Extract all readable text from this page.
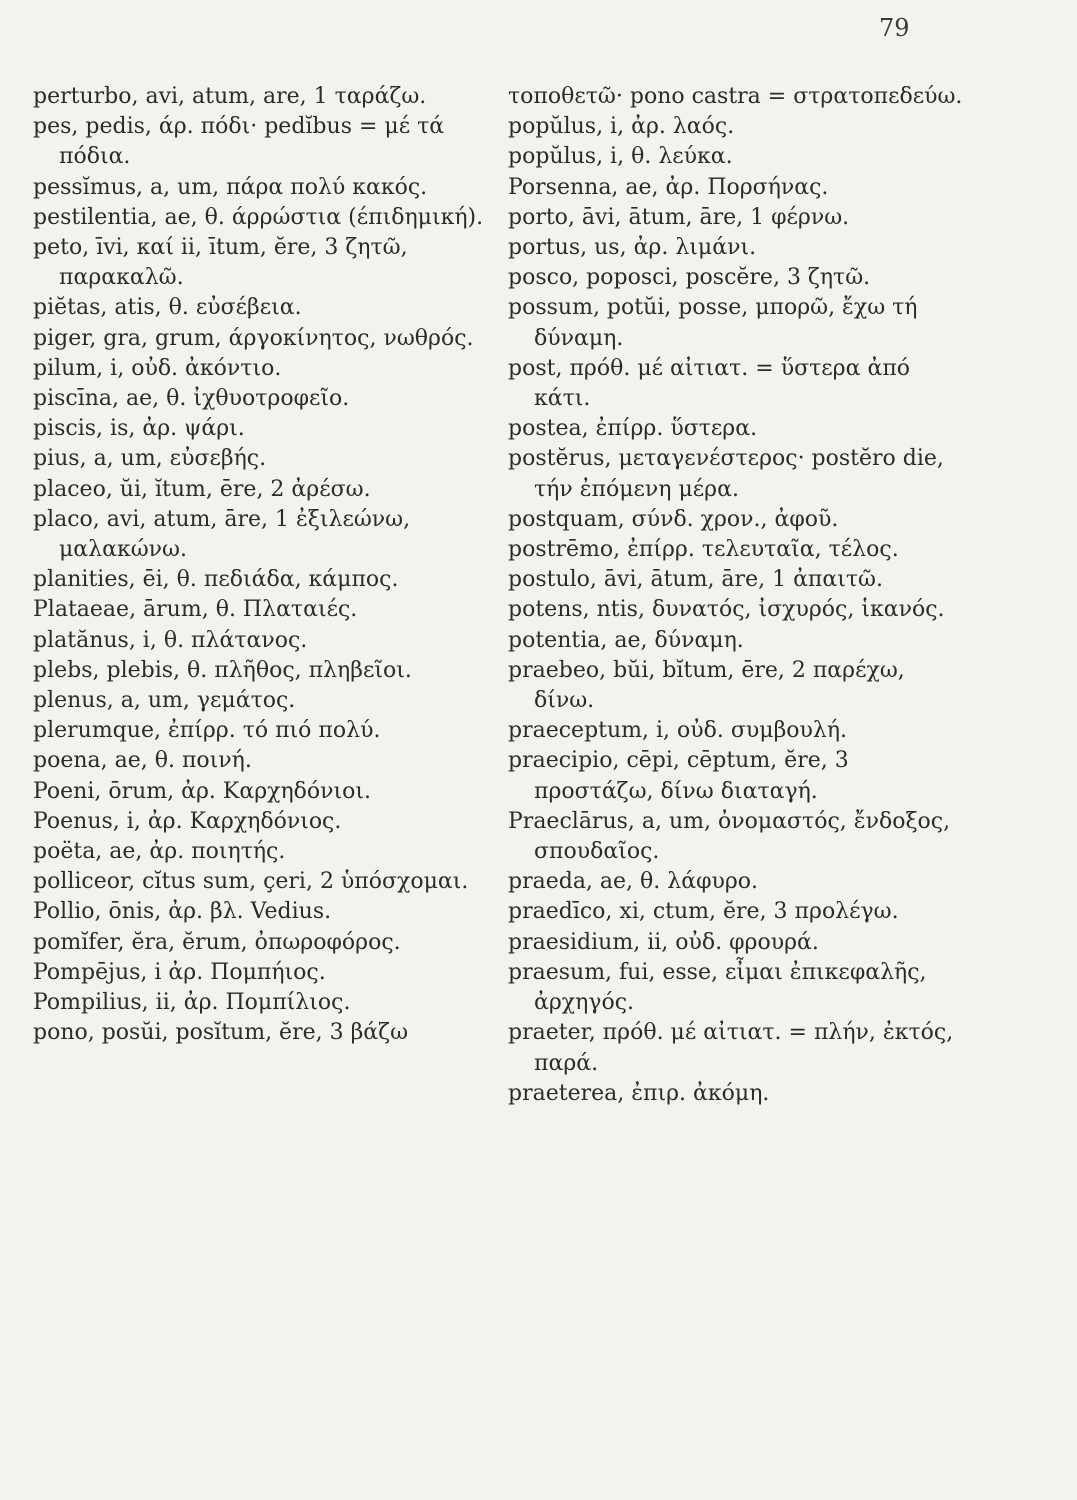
79
perturbo, avi, atum, are, 1 ταράζω.
pes, pedis, άρ. πόδι· pedĭbus = μέ τά πόδια.
pessĭmus, a, um, πάρα πολύ κακός.
pestilentia, ae, θ. άρρώστια (έπιδημική).
peto, īvi, καί ii, ītum, ĕre, 3 ζητῶ, παρακαλῶ.
piĕtas, atis, θ. εὐσέβεια.
piger, gra, grum, άργοκίνητος, νωθρός.
pilum, i, οὐδ. ἀκόντιο.
piscīna, ae, θ. ἰχθυοτροφεῖο.
piscis, is, ἀρ. ψάρι.
pius, a, um, εὐσεβής.
placeo, ŭi, ĭtum, ēre, 2 ἀρέσω.
placo, avi, atum, āre, 1 ἐξιλεώνω, μαλακώνω.
planities, ēi, θ. πεδιάδα, κάμπος.
Plataeae, ārum, θ. Πλαταιές.
platănus, i, θ. πλάτανος.
plebs, plebis, θ. πλῆθος, πληβεῖοι.
plenus, a, um, γεμάτος.
plerumque, ἐπίρρ. τό πιό πολύ.
poena, ae, θ. ποινή.
Poeni, ōrum, ἀρ. Καρχηδόνιοι.
Poenus, i, ἀρ. Καρχηδόνιος.
poëta, ae, ἀρ. ποιητής.
polliceor, cĭtus sum, çeri, 2 ὑπόσχομαι.
Pollio, ōnis, ἀρ. βλ. Vedius.
pomĭfer, ĕra, ĕrum, ὀπωροφόρος.
Pompējus, i ἀρ. Πομπήιος.
Pompilius, ii, ἀρ. Πομπίλιος.
pono, posŭi, posĭtum, ĕre, 3 βάζω
τοποθετῶ· pono castra = στρατοπεδεύω.
popŭlus, i, ἀρ. λαός.
popŭlus, i, θ. λεύκα.
Porsenna, ae, ἀρ. Πορσήνας.
porto, āvi, ātum, āre, 1 φέρνω.
portus, us, ἀρ. λιμάνι.
posco, poposci, poscĕre, 3 ζητῶ.
possum, potŭi, posse, μπορῶ, ἔχω τή δύναμη.
post, πρόθ. μέ αἰτιατ. = ὕστερα ἀπό κάτι.
postea, ἐπίρρ. ὕστερα.
postĕrus, μεταγενέστερος· postĕro die, τήν ἐπόμενη μέρα.
postquam, σύνδ. χρον., ἀφοῦ.
postrēmo, ἐπίρρ. τελευταῖα, τέλος.
postulo, āvi, ātum, āre, 1 ἀπαιτῶ.
potens, ntis, δυνατός, ἰσχυρός, ἱκανός.
potentia, ae, δύναμη.
praebeo, bŭi, bĭtum, ēre, 2 παρέχω, δίνω.
praeceptum, i, οὐδ. συμβουλή.
praecipio, cēpi, cēptum, ĕre, 3 προστάζω, δίνω διαταγή.
Praeclārus, a, um, ὀνομαστός, ἔνδοξος, σπουδαῖος.
praeda, ae, θ. λάφυρο.
praedīco, xi, ctum, ĕre, 3 προλέγω.
praesidium, ii, οὐδ. φρουρά.
praesum, fui, esse, εἶμαι ἐπικεφαλῆς, ἀρχηγός.
praeter, πρόθ. μέ αἰτιατ. = πλήν, ἐκτός, παρά.
praeterea, ἐπιρ. ἀκόμη.
